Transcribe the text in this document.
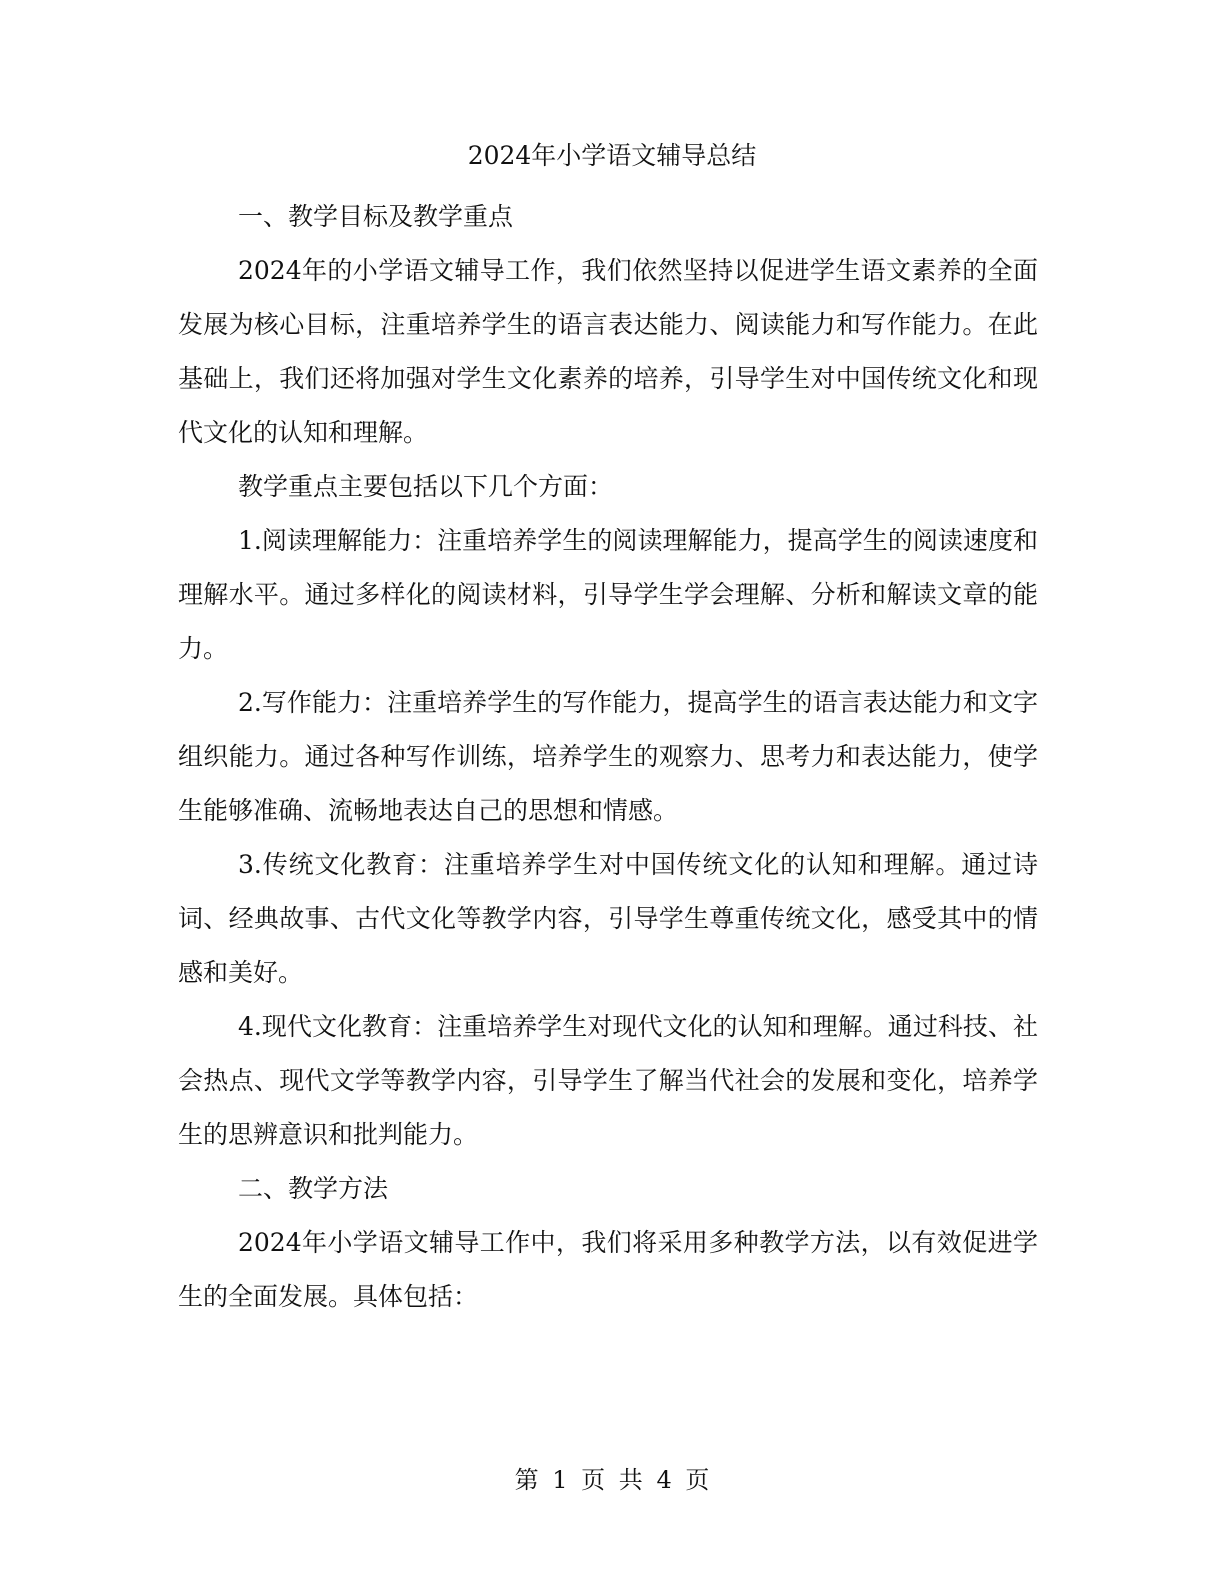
2024年小学语文辅导总结

一、教学目标及教学重点

2024年的小学语文辅导工作，我们依然坚持以促进学生语文素养的全面发展为核心目标，注重培养学生的语言表达能力、阅读能力和写作能力。在此基础上，我们还将加强对学生文化素养的培养，引导学生对中国传统文化和现代文化的认知和理解。

教学重点主要包括以下几个方面：

1.阅读理解能力：注重培养学生的阅读理解能力，提高学生的阅读速度和理解水平。通过多样化的阅读材料，引导学生学会理解、分析和解读文章的能力。

2.写作能力：注重培养学生的写作能力，提高学生的语言表达能力和文字组织能力。通过各种写作训练，培养学生的观察力、思考力和表达能力，使学生能够准确、流畅地表达自己的思想和情感。

3.传统文化教育：注重培养学生对中国传统文化的认知和理解。通过诗词、经典故事、古代文化等教学内容，引导学生尊重传统文化，感受其中的情感和美好。

4.现代文化教育：注重培养学生对现代文化的认知和理解。通过科技、社会热点、现代文学等教学内容，引导学生了解当代社会的发展和变化，培养学生的思辨意识和批判能力。

二、教学方法

2024年小学语文辅导工作中，我们将采用多种教学方法，以有效促进学生的全面发展。具体包括：

第 1 页 共 4 页
